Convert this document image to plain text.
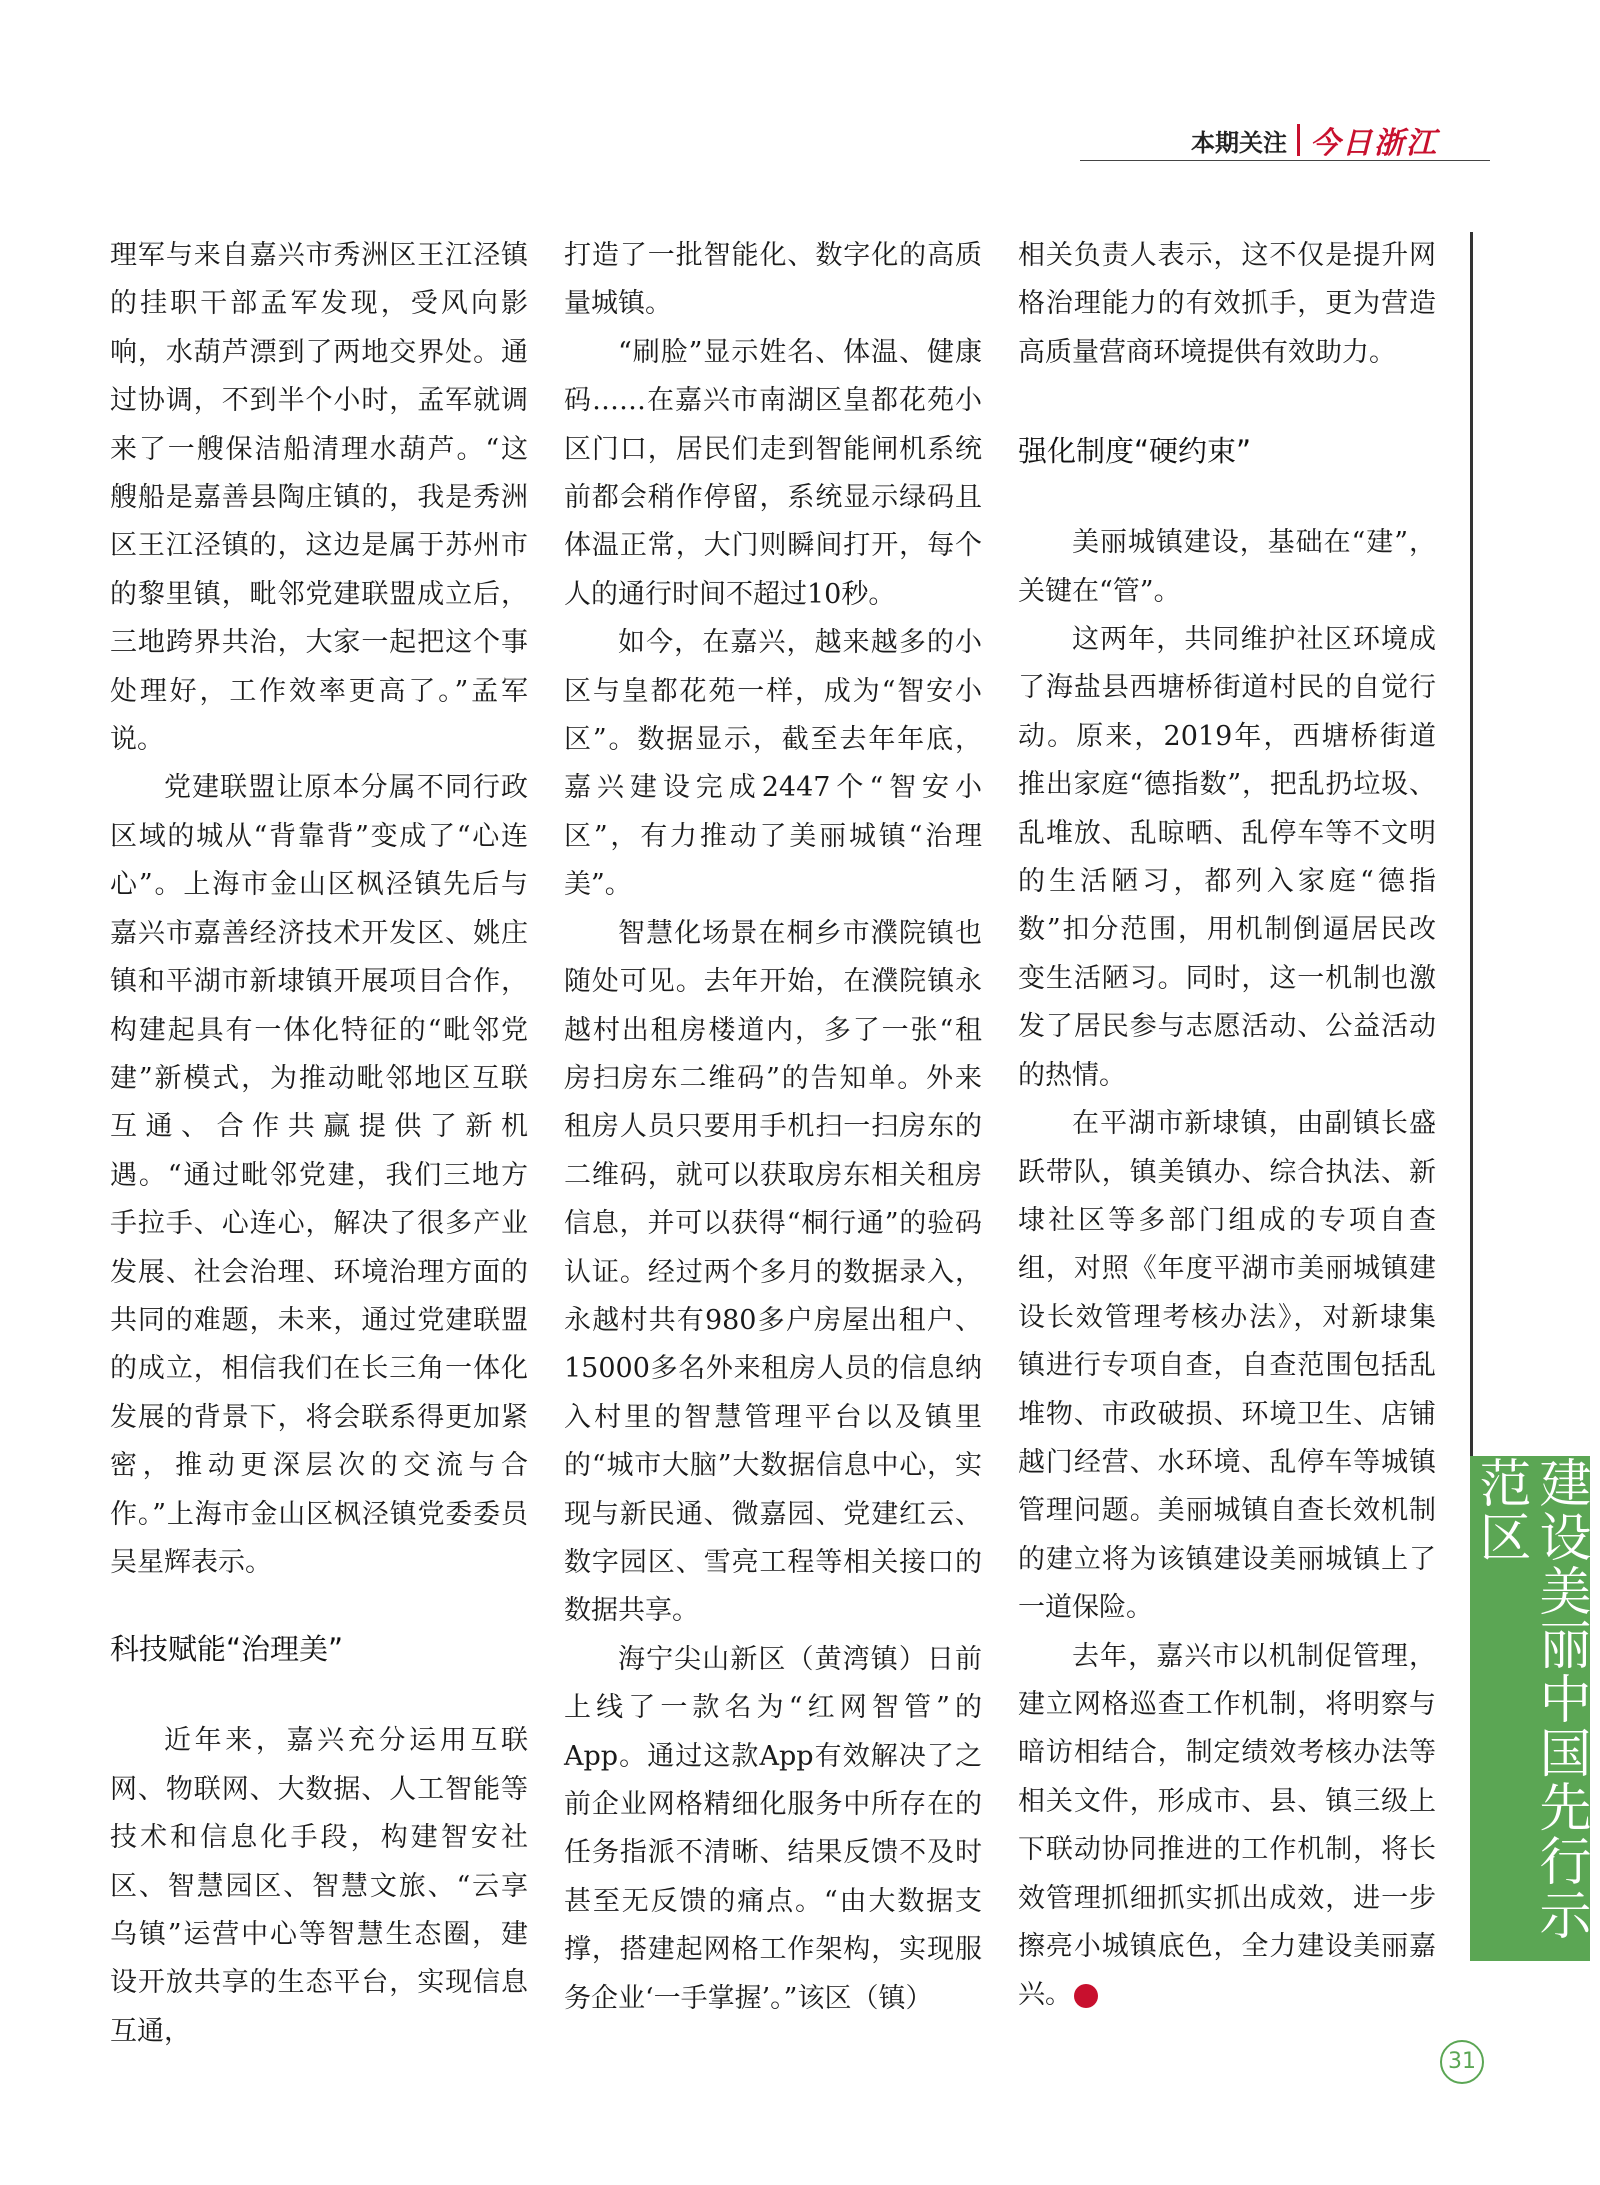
本期关注 今日浙江

理军与来自嘉兴市秀洲区王江泾镇的挂职干部孟军发现，受风向影响，水葫芦漂到了两地交界处。通过协调，不到半个小时，孟军就调来了一艘保洁船清理水葫芦。“这艘船是嘉善县陶庄镇的，我是秀洲区王江泾镇的，这边是属于苏州市的黎里镇，毗邻党建联盟成立后，三地跨界共治，大家一起把这个事处理好，工作效率更高了。”孟军说。

党建联盟让原本分属不同行政区域的城从“背靠背”变成了“心连心”。上海市金山区枫泾镇先后与嘉兴市嘉善经济技术开发区、姚庄镇和平湖市新埭镇开展项目合作，构建起具有一体化特征的“毗邻党建”新模式，为推动毗邻地区互联互通、合作共赢提供了新机遇。“通过毗邻党建，我们三地方手拉手、心连心，解决了很多产业发展、社会治理、环境治理方面的共同的难题，未来，通过党建联盟的成立，相信我们在长三角一体化发展的背景下，将会联系得更加紧密，推动更深层次的交流与合作。”上海市金山区枫泾镇党委委员吴星辉表示。

科技赋能“治理美”

近年来，嘉兴充分运用互联网、物联网、大数据、人工智能等技术和信息化手段，构建智安社区、智慧园区、智慧文旅、“云享乌镇”运营中心等智慧生态圈，建设开放共享的生态平台，实现信息互通，

打造了一批智能化、数字化的高质量城镇。

“刷脸”显示姓名、体温、健康码……在嘉兴市南湖区皇都花苑小区门口，居民们走到智能闸机系统前都会稍作停留，系统显示绿码且体温正常，大门则瞬间打开，每个人的通行时间不超过10秒。

如今，在嘉兴，越来越多的小区与皇都花苑一样，成为“智安小区”。数据显示，截至去年年底，嘉兴建设完成2447个“智安小区”，有力推动了美丽城镇“治理美”。

智慧化场景在桐乡市濮院镇也随处可见。去年开始，在濮院镇永越村出租房楼道内，多了一张“租房扫房东二维码”的告知单。外来租房人员只要用手机扫一扫房东的二维码，就可以获取房东相关租房信息，并可以获得“桐行通”的验码认证。经过两个多月的数据录入，永越村共有980多户房屋出租户、15000多名外来租房人员的信息纳入村里的智慧管理平台以及镇里的“城市大脑”大数据信息中心，实现与新民通、微嘉园、党建红云、数字园区、雪亮工程等相关接口的数据共享。

海宁尖山新区（黄湾镇）日前上线了一款名为“红网智管”的App。通过这款App有效解决了之前企业网格精细化服务中所存在的任务指派不清晰、结果反馈不及时甚至无反馈的痛点。“由大数据支撑，搭建起网格工作架构，实现服务企业‘一手掌握’。”该区（镇）

相关负责人表示，这不仅是提升网格治理能力的有效抓手，更为营造高质量营商环境提供有效助力。

强化制度“硬约束”

美丽城镇建设，基础在“建”，关键在“管”。

这两年，共同维护社区环境成了海盐县西塘桥街道村民的自觉行动。原来，2019年，西塘桥街道推出家庭“德指数”，把乱扔垃圾、乱堆放、乱晾晒、乱停车等不文明的生活陋习，都列入家庭“德指数”扣分范围，用机制倒逼居民改变生活陋习。同时，这一机制也激发了居民参与志愿活动、公益活动的热情。

在平湖市新埭镇，由副镇长盛跃带队，镇美镇办、综合执法、新埭社区等多部门组成的专项自查组，对照《年度平湖市美丽城镇建设长效管理考核办法》，对新埭集镇进行专项自查，自查范围包括乱堆物、市政破损、环境卫生、店铺越门经营、水环境、乱停车等城镇管理问题。美丽城镇自查长效机制的建立将为该镇建设美丽城镇上了一道保险。

去年，嘉兴市以机制促管理，建立网格巡查工作机制，将明察与暗访相结合，制定绩效考核办法等相关文件，形成市、县、镇三级上下联动协同推进的工作机制，将长效管理抓细抓实抓出成效，进一步擦亮小城镇底色，全力建设美丽嘉兴。	今

建设美丽中国先行示范区
31
